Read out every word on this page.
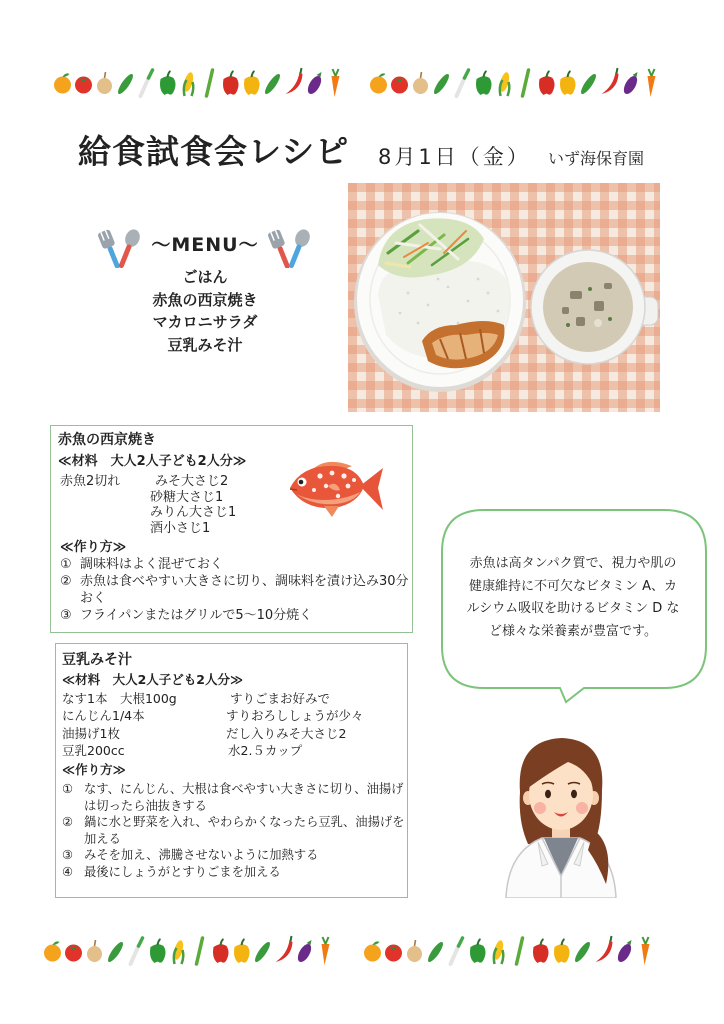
給食試食会レシピ 8月1日（金） いず海保育園
～MENU～
ごはん
赤魚の西京焼き
マカロニサラダ
豆乳みそ汁
赤魚の西京焼き
≪材料　大人2人子ども2人分≫
赤魚2切れ	みそ大さじ2
砂糖大さじ1
みりん大さじ1
酒小さじ1
≪作り方≫
① 調味料はよく混ぜておく
② 赤魚は食べやすい大きさに切り、調味料を漬け込み30分おく
③ フライパンまたはグリルで5～10分焼く
豆乳みそ汁
≪材料　大人2人子ども2人分≫
なす1本　大根100g	すりごまお好みで
にんじん1/4本	すりおろししょうが少々
油揚げ1枚	だし入りみそ大さじ2
豆乳200cc	水2.５カップ
≪作り方≫
① なす、にんじん、大根は食べやすい大きさに切り、油揚げは切ったら油抜きする
② 鍋に水と野菜を入れ、やわらかくなったら豆乳、油揚げを加える
③ みそを加え、沸騰させないように加熱する
④ 最後にしょうがとすりごまを加える
赤魚は高タンパク質で、視力や肌の
健康維持に不可欠なビタミン A、カ
ルシウム吸収を助けるビタミン D な
ど様々な栄養素が豊富です。
